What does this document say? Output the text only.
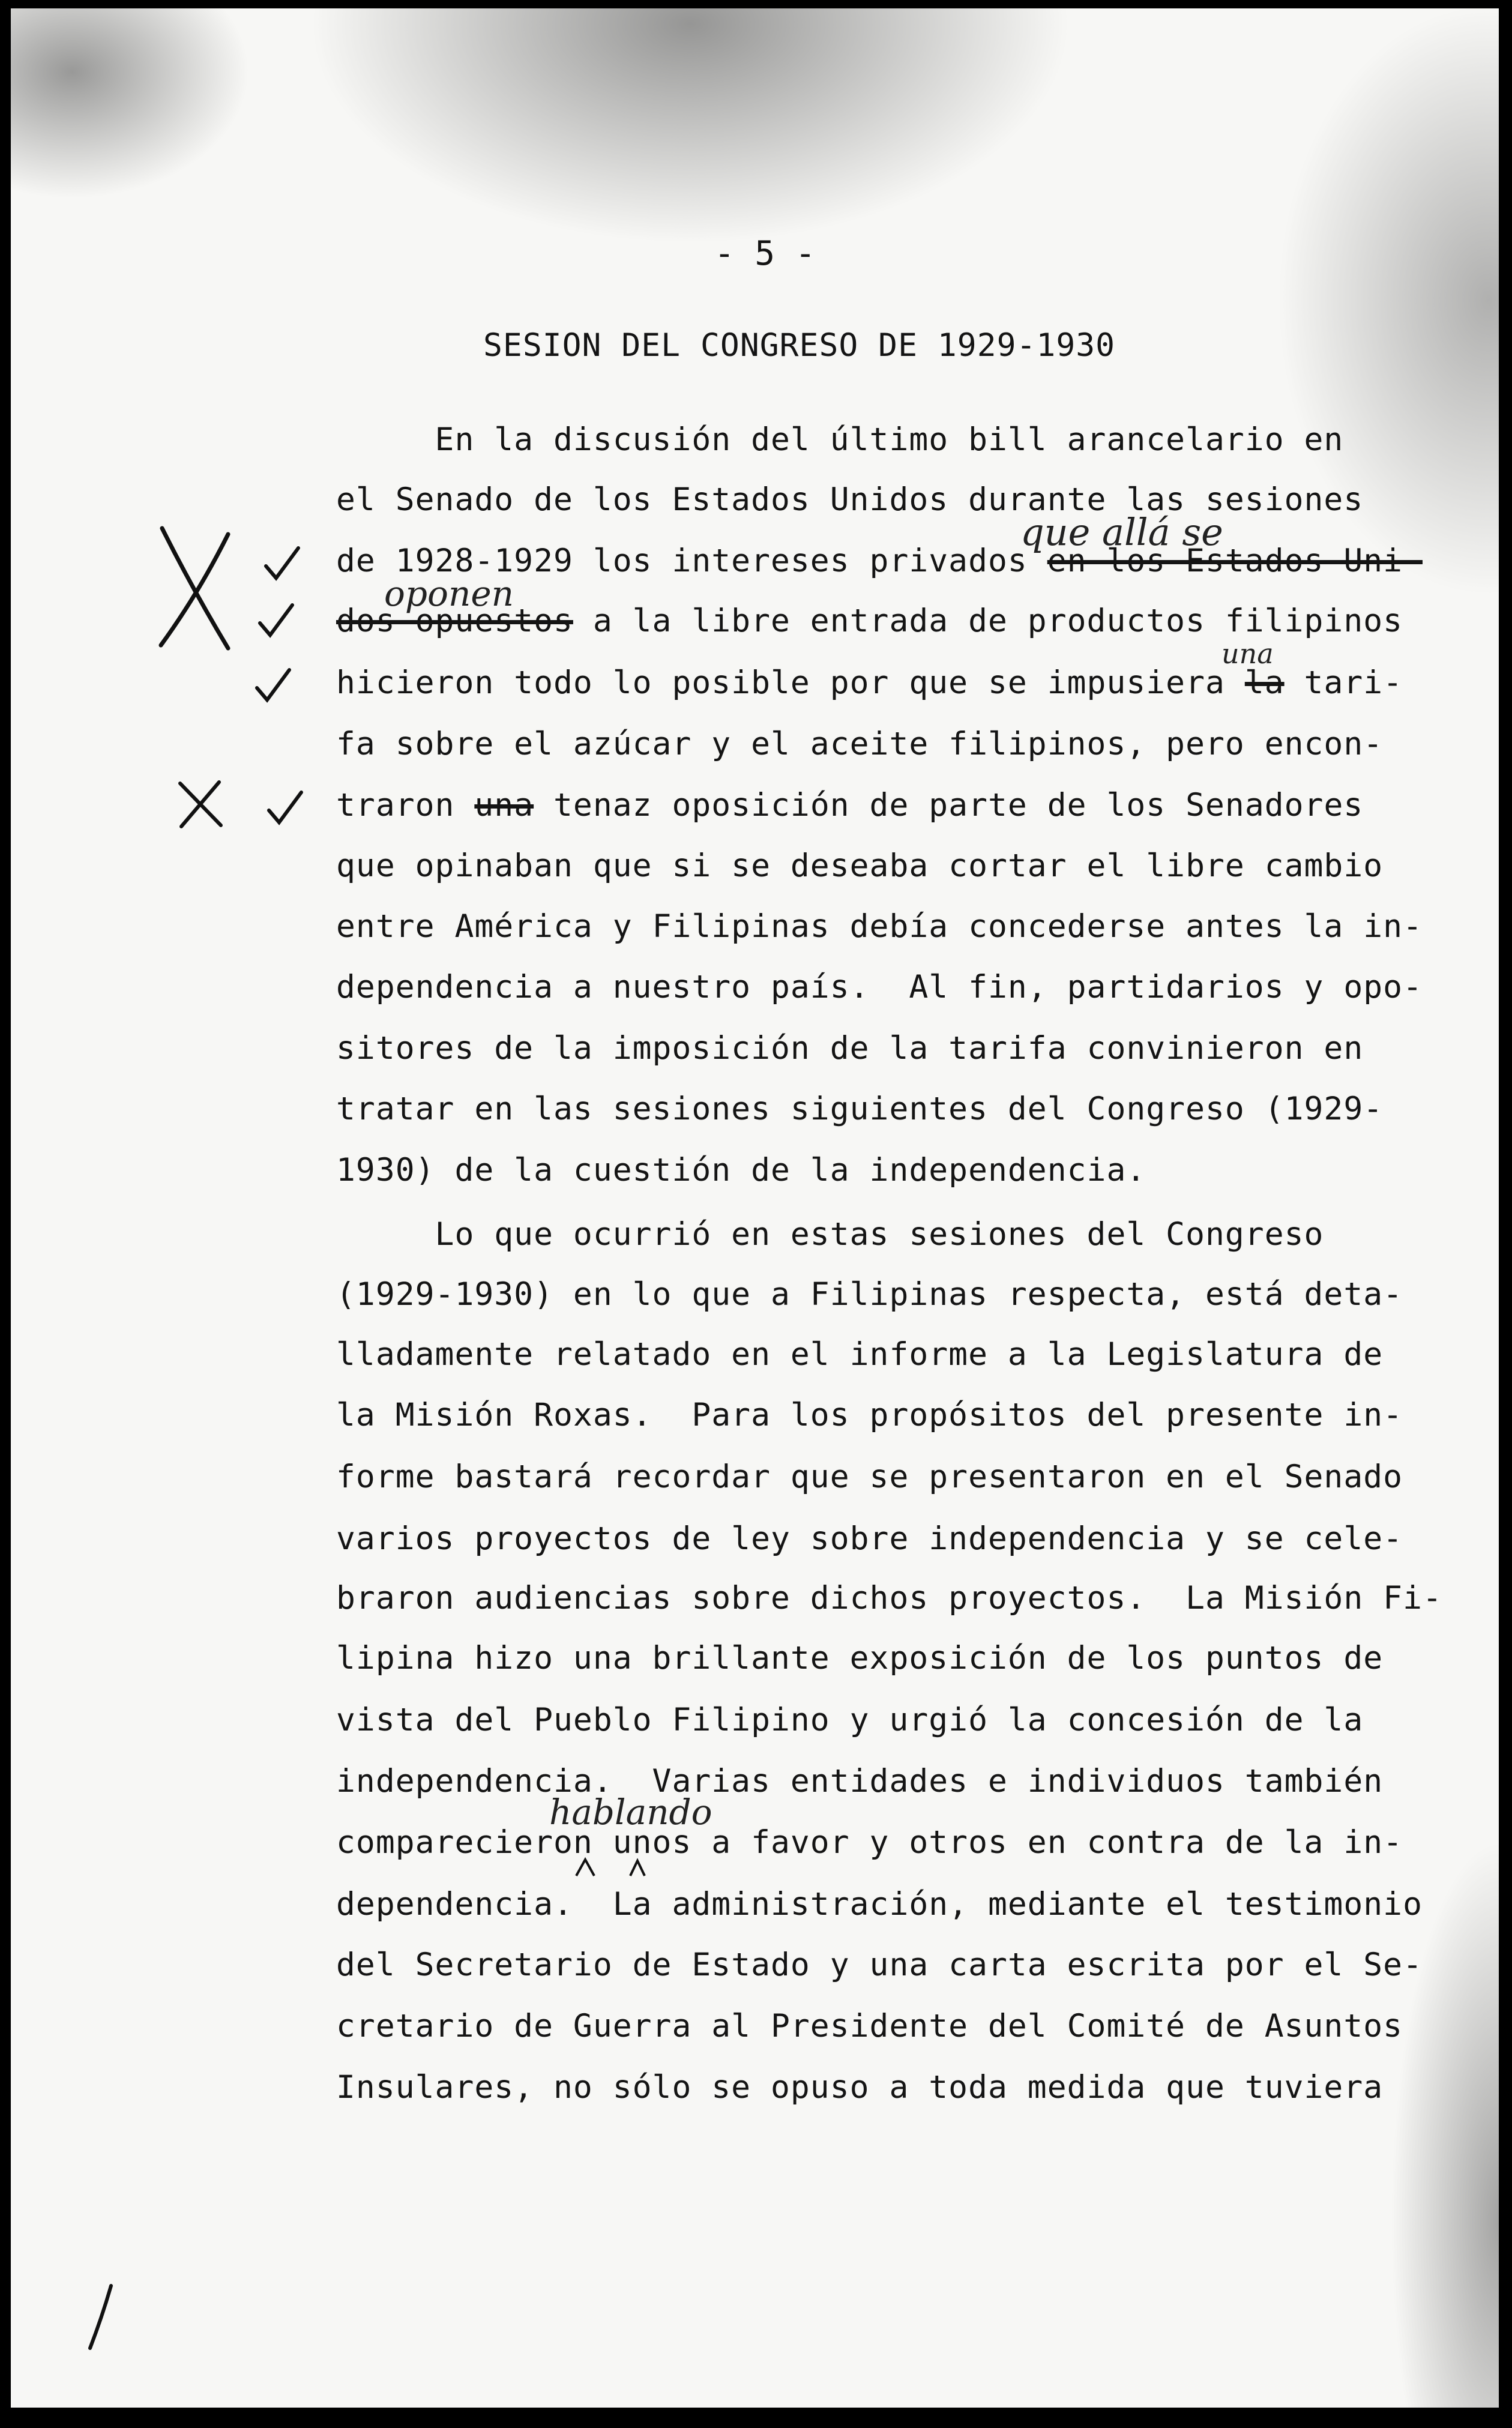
- 5 -
SESION DEL CONGRESO DE 1929-1930
En la discusión del último bill arancelario en
el Senado de los Estados Unidos durante las sesiones
de 1928-1929 los intereses privados en los Estados Uni-
dos opuestos a la libre entrada de productos filipinos
hicieron todo lo posible por que se impusiera la tari-
fa sobre el azúcar y el aceite filipinos, pero encon-
traron una tenaz oposición de parte de los Senadores
que opinaban que si se deseaba cortar el libre cambio
entre América y Filipinas debía concederse antes la in-
dependencia a nuestro país.  Al fin, partidarios y opo-
sitores de la imposición de la tarifa convinieron en
tratar en las sesiones siguientes del Congreso (1929-
1930) de la cuestión de la independencia.
Lo que ocurrió en estas sesiones del Congreso
(1929-1930) en lo que a Filipinas respecta, está deta-
lladamente relatado en el informe a la Legislatura de
la Misión Roxas.  Para los propósitos del presente in-
forme bastará recordar que se presentaron en el Senado
varios proyectos de ley sobre independencia y se cele-
braron audiencias sobre dichos proyectos.  La Misión Fi-
lipina hizo una brillante exposición de los puntos de
vista del Pueblo Filipino y urgió la concesión de la
independencia.  Varias entidades e individuos también
comparecieron unos a favor y otros en contra de la in-
dependencia.  La administración, mediante el testimonio
del Secretario de Estado y una carta escrita por el Se-
cretario de Guerra al Presidente del Comité de Asuntos
Insulares, no sólo se opuso a toda medida que tuviera
que allá se
oponen
una
hablando
